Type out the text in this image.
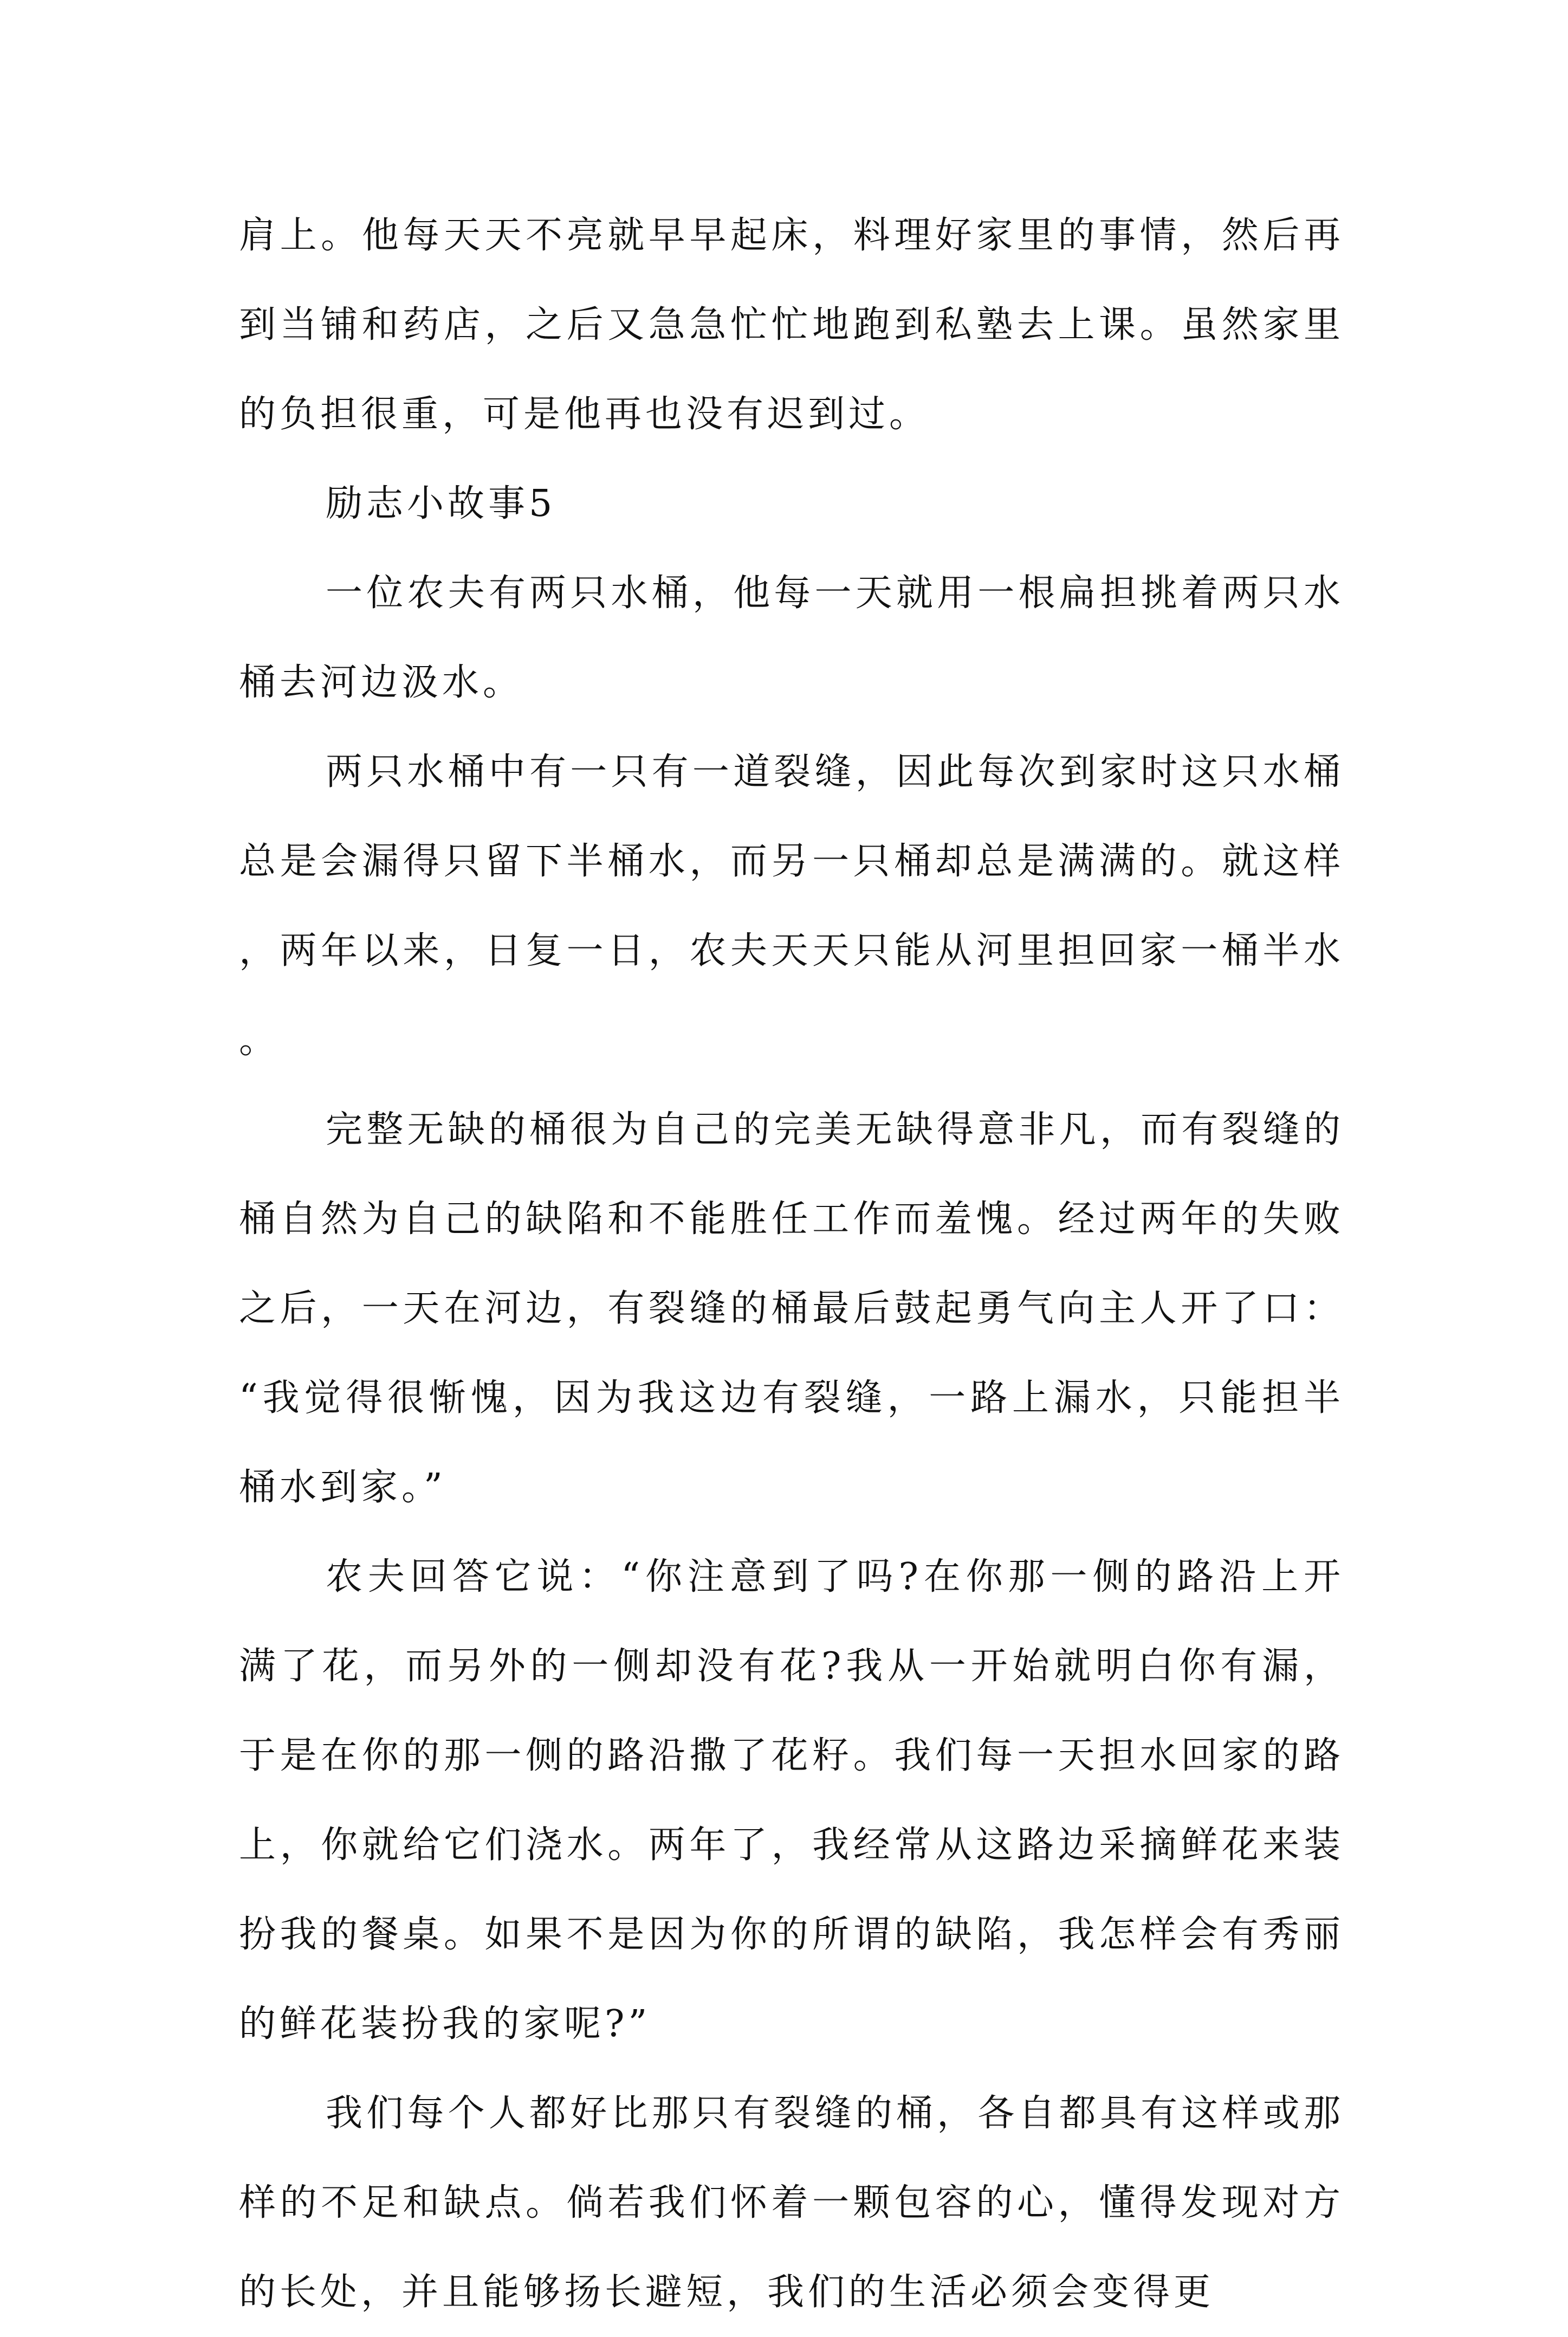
肩上。他每天天不亮就早早起床，料理好家里的事情，然后再到当铺和药店，之后又急急忙忙地跑到私塾去上课。虽然家里的负担很重，可是他再也没有迟到过。

励志小故事5

一位农夫有两只水桶，他每一天就用一根扁担挑着两只水桶去河边汲水。

两只水桶中有一只有一道裂缝，因此每次到家时这只水桶总是会漏得只留下半桶水，而另一只桶却总是满满的。就这样，两年以来，日复一日，农夫天天只能从河里担回家一桶半水。

完整无缺的桶很为自己的完美无缺得意非凡，而有裂缝的桶自然为自己的缺陷和不能胜任工作而羞愧。经过两年的失败之后，一天在河边，有裂缝的桶最后鼓起勇气向主人开了口：“我觉得很惭愧，因为我这边有裂缝，一路上漏水，只能担半桶水到家。”

农夫回答它说：“你注意到了吗?在你那一侧的路沿上开满了花，而另外的一侧却没有花?我从一开始就明白你有漏，于是在你的那一侧的路沿撒了花籽。我们每一天担水回家的路上，你就给它们浇水。两年了，我经常从这路边采摘鲜花来装扮我的餐桌。如果不是因为你的所谓的缺陷，我怎样会有秀丽的鲜花装扮我的家呢?”

我们每个人都好比那只有裂缝的桶，各自都具有这样或那样的不足和缺点。倘若我们怀着一颗包容的心，懂得发现对方的长处，并且能够扬长避短，我们的生活必须会变得更
